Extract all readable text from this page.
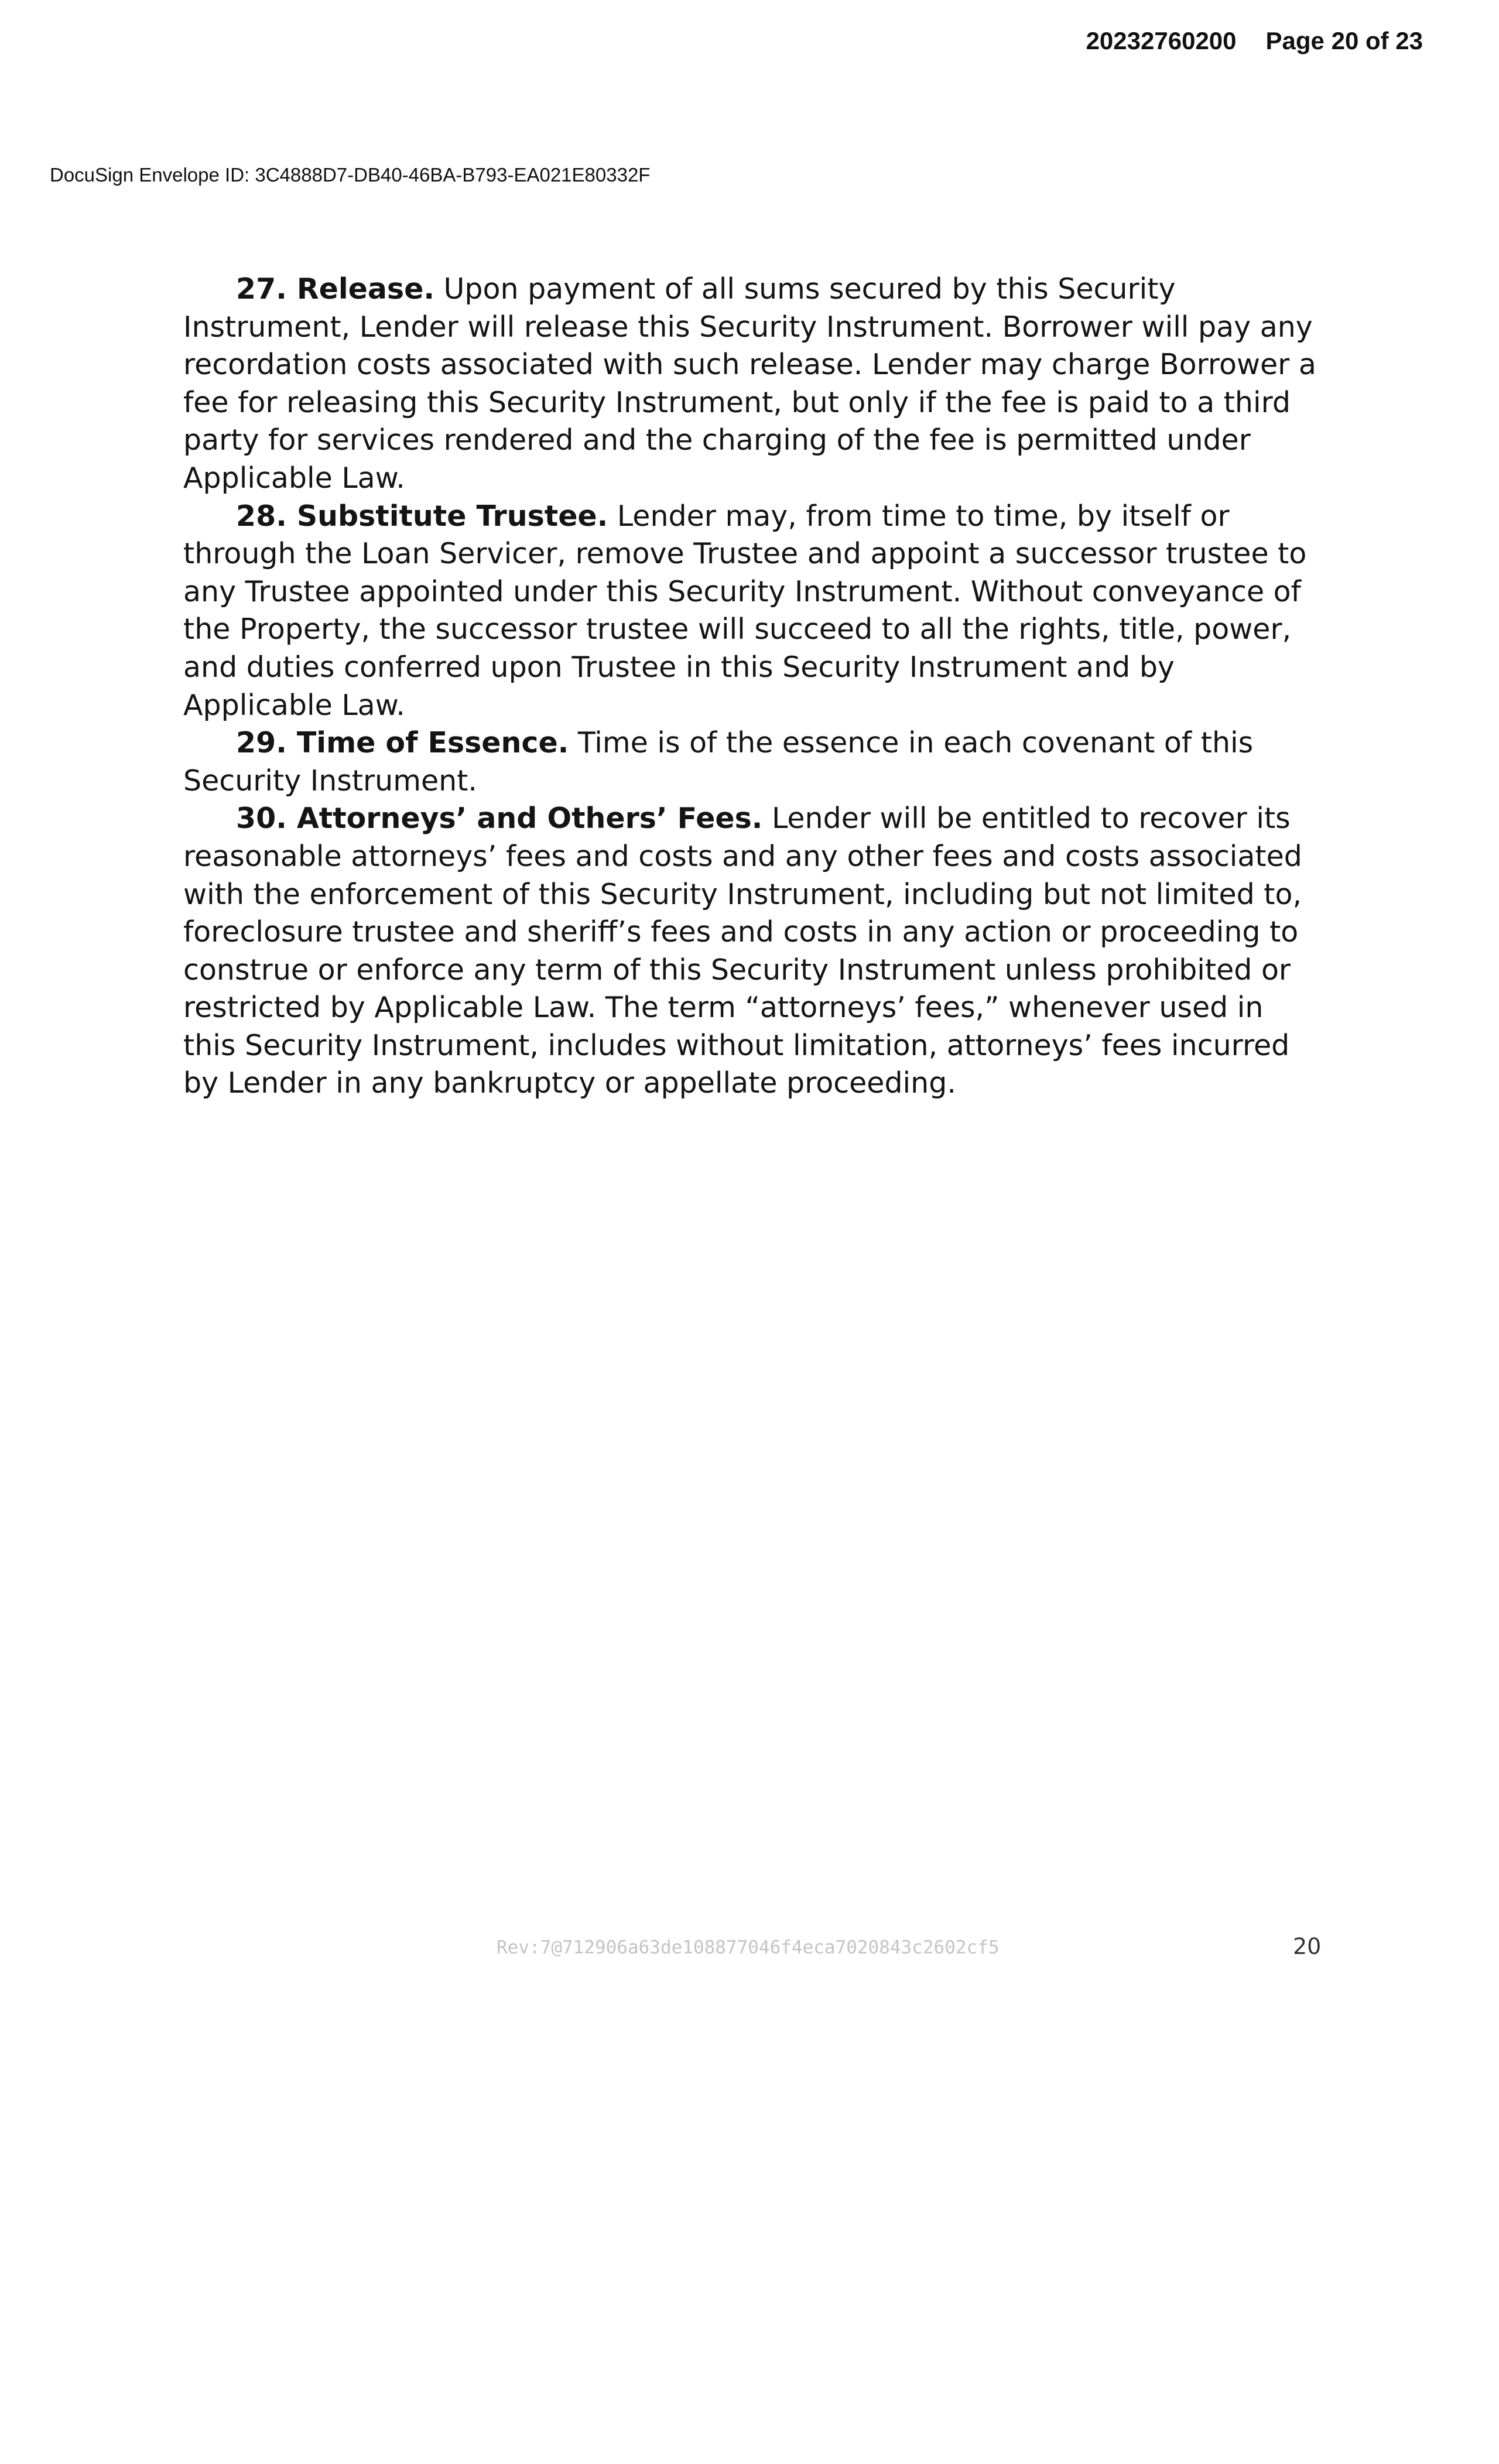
20232760200 Page 20 of 23
DocuSign Envelope ID: 3C4888D7-DB40-46BA-B793-EA021E80332F

27. Release. Upon payment of all sums secured by this Security Instrument, Lender will release this Security Instrument. Borrower will pay any recordation costs associated with such release. Lender may charge Borrower a fee for releasing this Security Instrument, but only if the fee is paid to a third party for services rendered and the charging of the fee is permitted under Applicable Law.

28. Substitute Trustee. Lender may, from time to time, by itself or through the Loan Servicer, remove Trustee and appoint a successor trustee to any Trustee appointed under this Security Instrument. Without conveyance of the Property, the successor trustee will succeed to all the rights, title, power, and duties conferred upon Trustee in this Security Instrument and by Applicable Law.

29. Time of Essence. Time is of the essence in each covenant of this Security Instrument.

30. Attorneys’ and Others’ Fees. Lender will be entitled to recover its reasonable attorneys’ fees and costs and any other fees and costs associated with the enforcement of this Security Instrument, including but not limited to, foreclosure trustee and sheriff’s fees and costs in any action or proceeding to construe or enforce any term of this Security Instrument unless prohibited or restricted by Applicable Law. The term “attorneys’ fees,” whenever used in this Security Instrument, includes without limitation, attorneys’ fees incurred by Lender in any bankruptcy or appellate proceeding.

Rev:7@712906a63de108877046f4eca7020843c2602cf5	20
